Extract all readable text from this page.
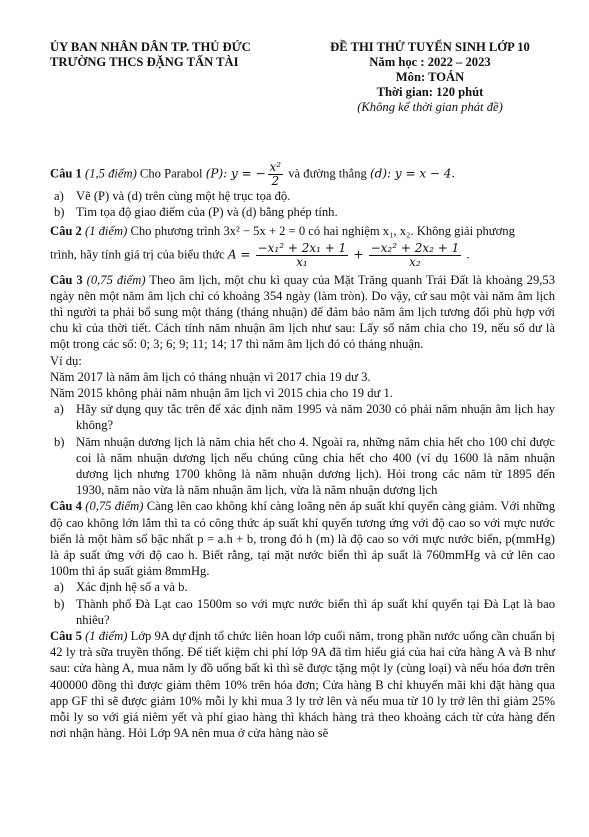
ỦY BAN NHÂN DÂN TP. THỦ ĐỨC
TRƯỜNG THCS ĐẶNG TẤN TÀI
ĐỀ THI THỬ TUYỂN SINH LỚP 10
Năm học : 2022 – 2023
Môn: TOÁN
Thời gian: 120 phút
(Không kể thời gian phát đề)

Câu 1 (1,5 điểm) Cho Parabol (P): y = − $\frac{\text{x²}}{2}$ và đường thẳng (d): y = x − 4.

a) Vẽ (P) và (d) trên cùng một hệ trục tọa độ.
b) Tìm tọa độ giao điểm của (P) và (d) bằng phép tính.

Câu 2 (1 điểm) Cho phương trình 3x² − 5x + 2 = 0 có hai nghiệm x₁, x₂. Không giải phương

trình, hãy tính giá trị của biểu thức $A = \frac{\text{−x₁² + 2x₁ + 1}}{\text{x₁}} + \frac{\text{−x₂² + 2x₂ + 1}}{\text{x₂}}$ .

Câu 3 (0,75 điểm) Theo âm lịch, một chu kì quay của Mặt Trăng quanh Trái Đất là khoảng 29,53 ngày nên một năm âm lịch chỉ có khoảng 354 ngày (làm tròn). Do vậy, cứ sau một vài năm âm lịch thì người ta phải bổ sung một tháng (tháng nhuận) để đảm bảo năm âm lịch tương đối phù hợp với chu kì của thời tiết. Cách tính năm nhuận âm lịch như sau: Lấy số năm chia cho 19, nếu số dư là một trong các số: 0; 3; 6; 9; 11; 14; 17 thì năm âm lịch đó có tháng nhuận.

Ví dụ:

Năm 2017 là năm âm lịch có tháng nhuận vì 2017 chia 19 dư 3.

Năm 2015 không phải năm nhuận âm lịch vì 2015 chia cho 19 dư 1.

a) Hãy sử dụng quy tắc trên để xác định năm 1995 và năm 2030 có phải năm nhuận âm lịch hay không?
b) Năm nhuận dương lịch là năm chia hết cho 4. Ngoài ra, những năm chia hết cho 100 chỉ được coi là năm nhuận dương lịch nếu chúng cũng chia hết cho 400 (ví dụ 1600 là năm nhuận dương lịch nhưng 1700 không là năm nhuận dương lịch). Hỏi trong các năm từ 1895 đến 1930, năm nào vừa là năm nhuận âm lịch, vừa là năm nhuận dương lịch

Câu 4 (0,75 điểm) Càng lên cao không khí càng loãng nên áp suất khí quyển càng giảm. Với những độ cao không lớn lắm thì ta có công thức áp suất khí quyển tương ứng với độ cao so với mực nước biển là một hàm số bậc nhất p = a.h + b, trong đó h (m) là độ cao so với mực nước biển, p(mmHg) là áp suất ứng với độ cao h. Biết rằng, tại mặt nước biển thì áp suất là 760mmHg và cứ lên cao 100m thì áp suất giảm 8mmHg.

a) Xác định hệ số a và b.
b) Thành phố Đà Lạt cao 1500m so với mực nước biển thì áp suất khí quyển tại Đà Lạt là bao nhiêu?

Câu 5 (1 điểm) Lớp 9A dự định tổ chức liên hoan lớp cuối năm, trong phần nước uống cần chuẩn bị 42 ly trà sữa truyền thống. Để tiết kiệm chi phí lớp 9A đã tìm hiểu giá của hai cửa hàng A và B như sau: cửa hàng A, mua năm ly đồ uống bất kì thì sẽ được tặng một ly (cùng loại) và nếu hóa đơn trên 400000 đồng thì được giảm thêm 10% trên hóa đơn; Cửa hàng B chỉ khuyến mãi khi đặt hàng qua app GF thì sẽ được giảm 10% mỗi ly khi mua 3 ly trở lên và nếu mua từ 10 ly trở lên thì giảm 25% mỗi ly so với giá niêm yết và phí giao hàng thì khách hàng trả theo khoảng cách từ cửa hàng đến nơi nhận hàng. Hỏi Lớp 9A nên mua ở cửa hàng nào sẽ
